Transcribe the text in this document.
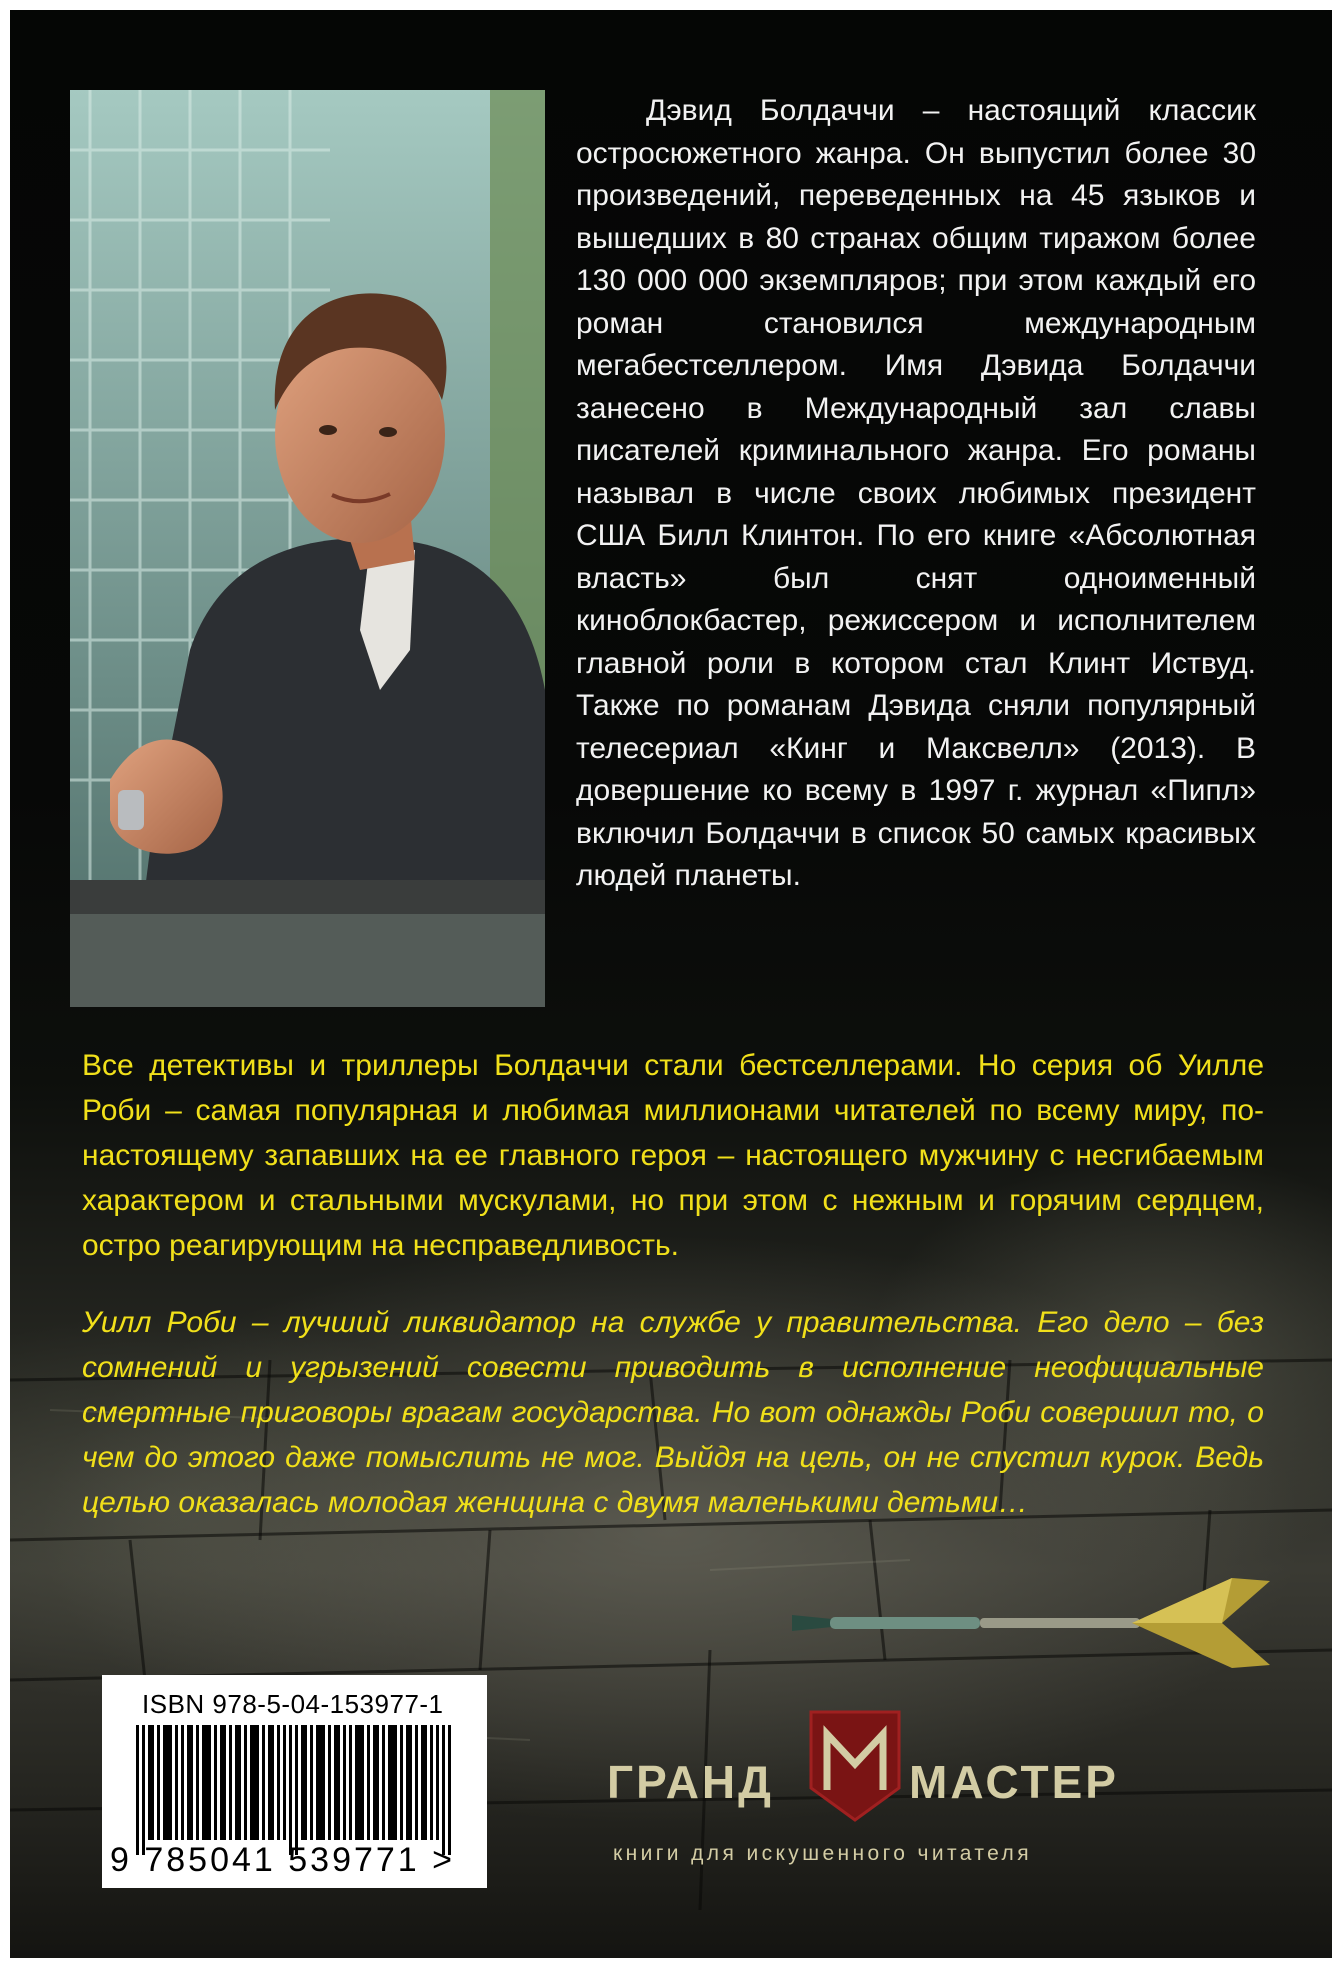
Дэвид Болдаччи – настоящий классик остросюжетного жанра. Он выпустил более 30 произведений, переведенных на 45 языков и вышедших в 80 странах общим тиражом более 130 000 000 экземпляров; при этом каждый его роман становился международным мегабестселлером. Имя Дэвида Болдаччи занесено в Международный зал славы писателей криминального жанра. Его романы называл в числе своих любимых президент США Билл Клинтон. По его книге «Абсолютная власть» был снят одноименный киноблокбастер, режиссером и исполнителем главной роли в котором стал Клинт Иствуд. Также по романам Дэвида сняли популярный телесериал «Кинг и Максвелл» (2013). В довершение ко всему в 1997 г. журнал «Пипл» включил Болдаччи в список 50 самых красивых людей планеты.

Все детективы и триллеры Болдаччи стали бестселлерами. Но серия об Уилле Роби – самая популярная и любимая миллионами читателей по всему миру, по-настоящему запавших на ее главного героя – настоящего мужчину с несгибаемым характером и стальными мускулами, но при этом с нежным и горячим сердцем, остро реагирующим на несправедливость.

Уилл Роби – лучший ликвидатор на службе у правительства. Его дело – без сомнений и угрызений совести приводить в исполнение неофициальные смертные приговоры врагам государства. Но вот однажды Роби совершил то, о чем до этого даже помыслить не мог. Выйдя на цель, он не спустил курок. Ведь целью оказалась молодая женщина с двумя маленькими детьми…

ISBN 978-5-04-153977-1
9 785041 539771 >
ГРАНД	МАСТЕР
книги для искушенного читателя
